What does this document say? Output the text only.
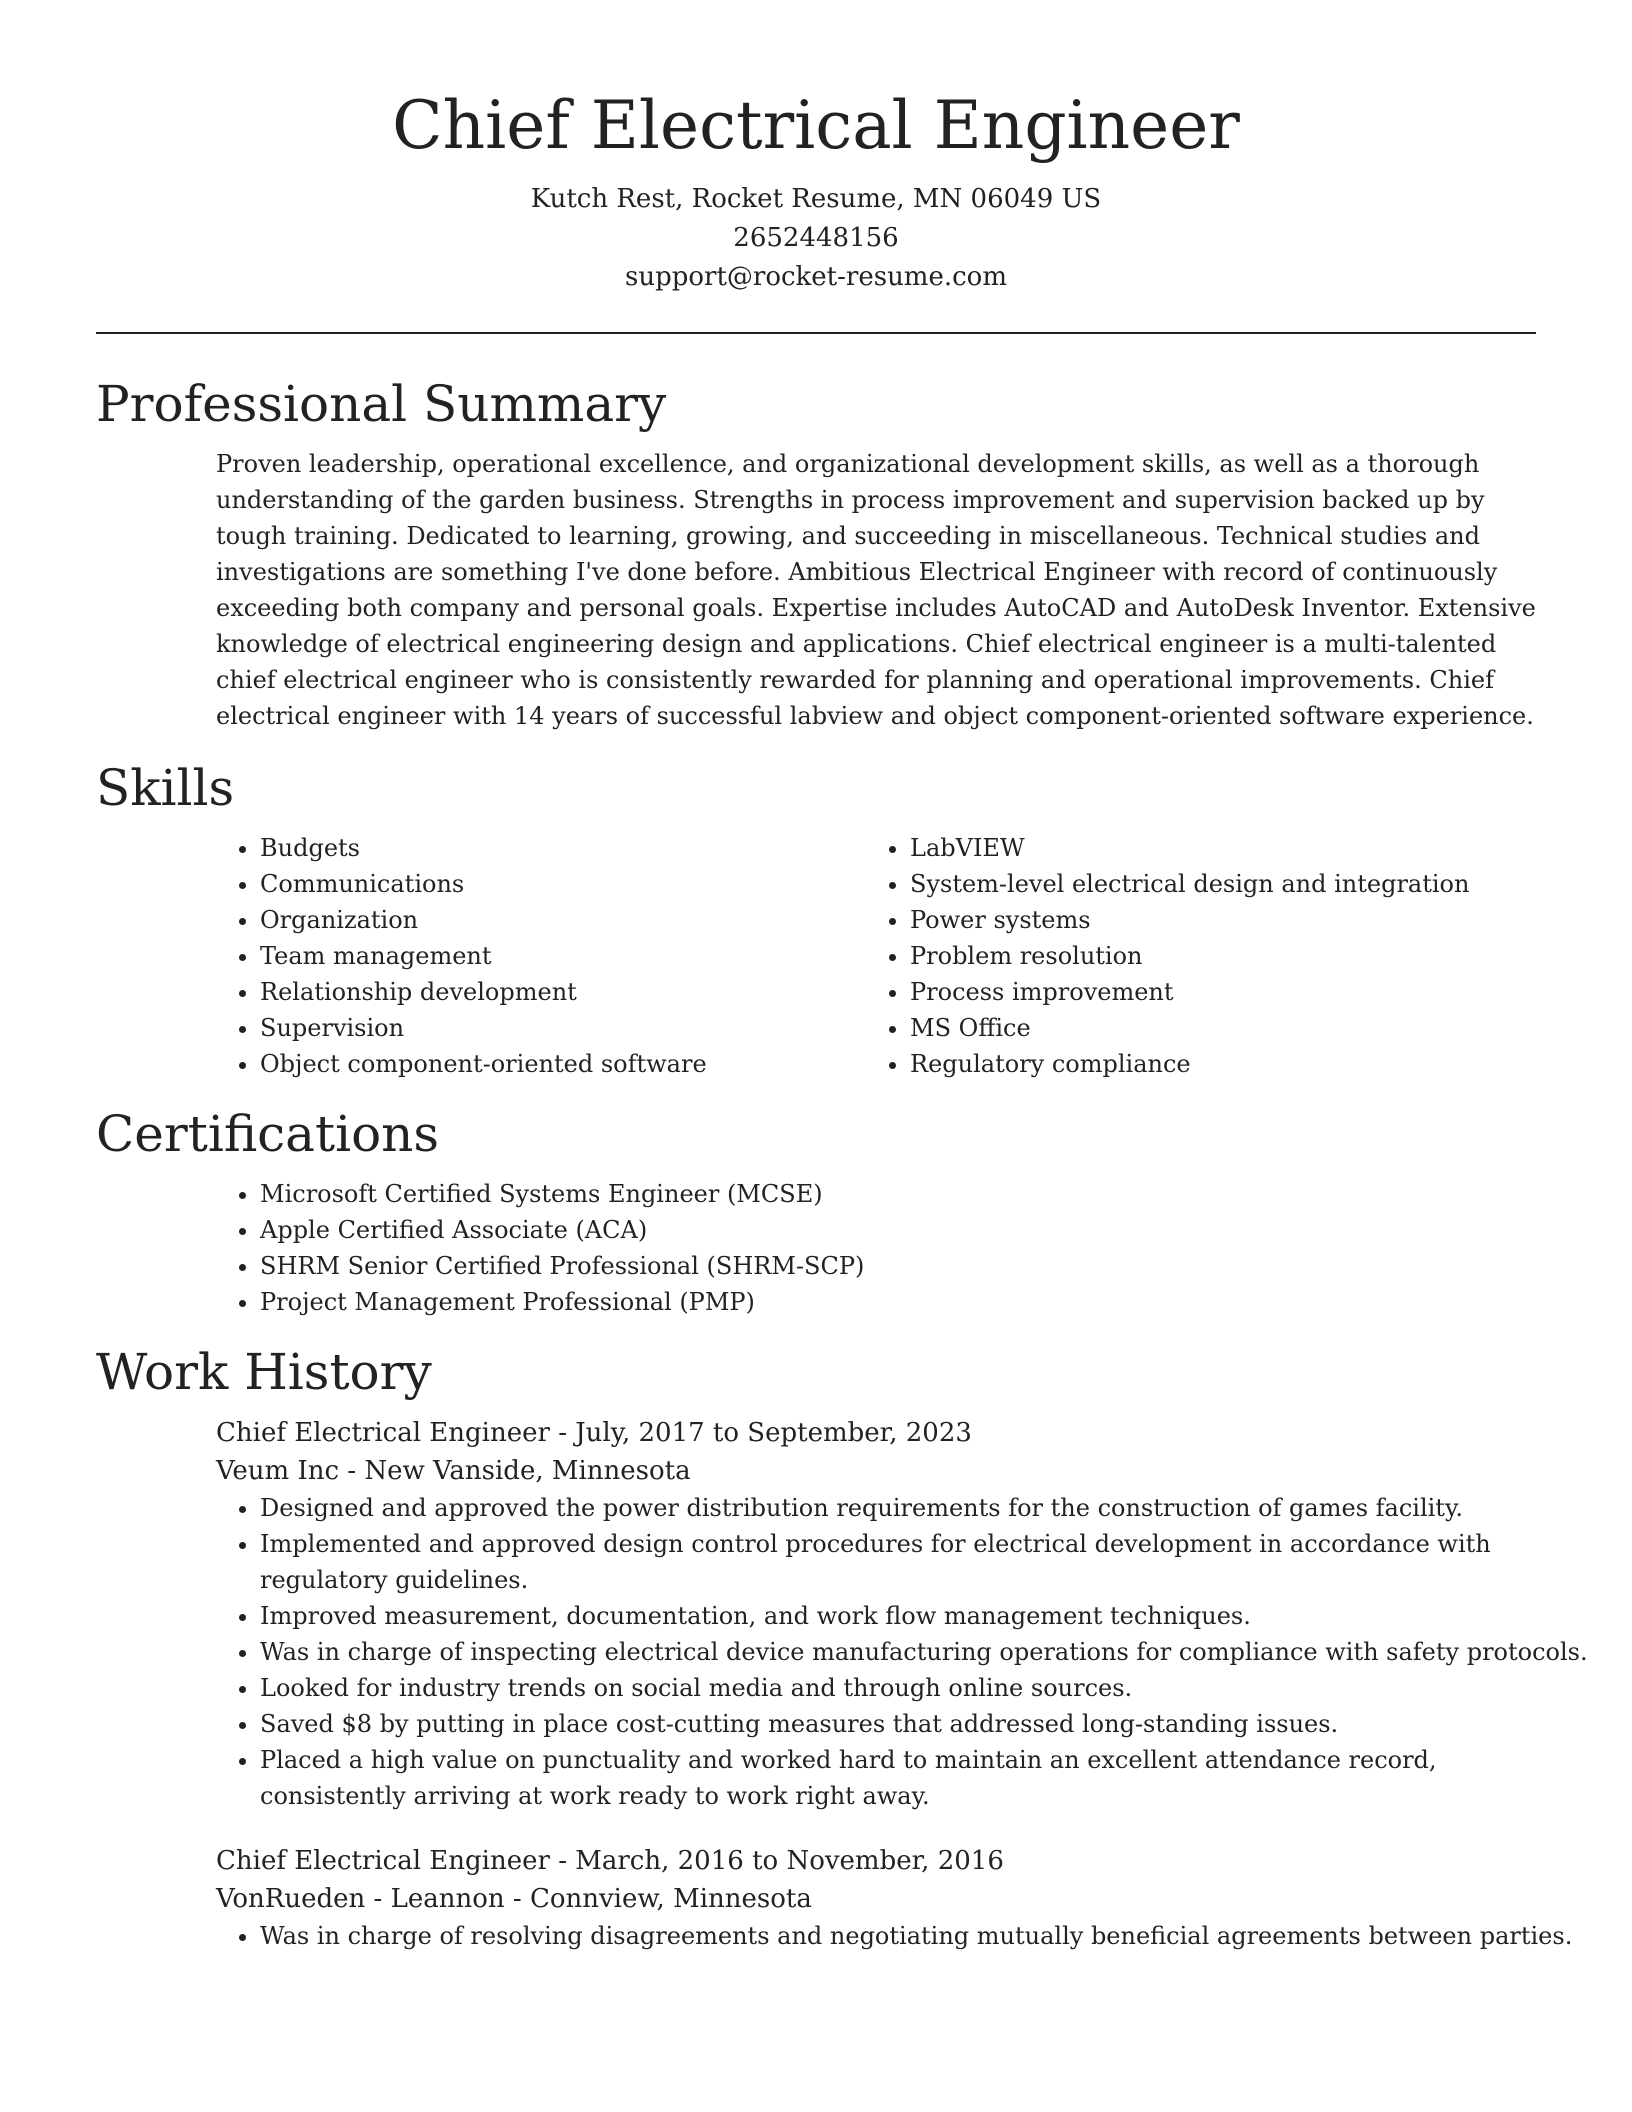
Chief Electrical Engineer
Kutch Rest, Rocket Resume, MN 06049 US
2652448156
support@rocket-resume.com
Professional Summary

Proven leadership, operational excellence, and organizational development skills, as well as a thorough understanding of the garden business. Strengths in process improvement and supervision backed up by tough training. Dedicated to learning, growing, and succeeding in miscellaneous. Technical studies and investigations are something I've done before. Ambitious Electrical Engineer with record of continuously exceeding both company and personal goals. Expertise includes AutoCAD and AutoDesk Inventor. Extensive knowledge of electrical engineering design and applications. Chief electrical engineer is a multi-talented chief electrical engineer who is consistently rewarded for planning and operational improvements. Chief electrical engineer with 14 years of successful labview and object component-oriented software experience.

Skills
• Budgets
• Communications
• Organization
• Team management
• Relationship development
• Supervision
• Object component-oriented software
• LabVIEW
• System-level electrical design and integration
• Power systems
• Problem resolution
• Process improvement
• MS Office
• Regulatory compliance
Certifications
• Microsoft Certified Systems Engineer (MCSE)
• Apple Certified Associate (ACA)
• SHRM Senior Certified Professional (SHRM-SCP)
• Project Management Professional (PMP)
Work History
Chief Electrical Engineer - July, 2017 to September, 2023
Veum Inc - New Vanside, Minnesota
• Designed and approved the power distribution requirements for the construction of games facility.
• Implemented and approved design control procedures for electrical development in accordance with regulatory guidelines.
• Improved measurement, documentation, and work flow management techniques.
• Was in charge of inspecting electrical device manufacturing operations for compliance with safety protocols.
• Looked for industry trends on social media and through online sources.
• Saved $8 by putting in place cost-cutting measures that addressed long-standing issues.
• Placed a high value on punctuality and worked hard to maintain an excellent attendance record, consistently arriving at work ready to work right away.
Chief Electrical Engineer - March, 2016 to November, 2016
VonRueden - Leannon - Connview, Minnesota
• Was in charge of resolving disagreements and negotiating mutually beneficial agreements between parties.
